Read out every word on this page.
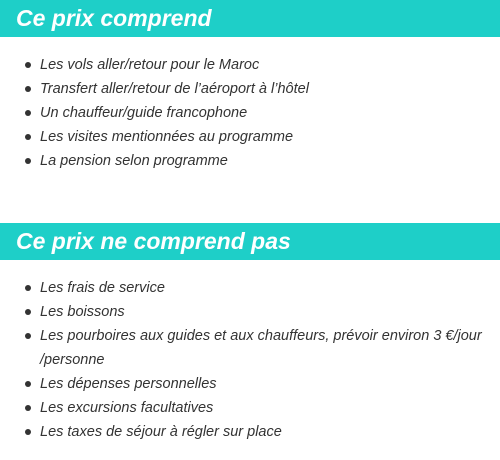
Ce prix comprend
Les vols aller/retour pour le Maroc
Transfert aller/retour de l’aéroport à l’hôtel
Un chauffeur/guide francophone
Les visites mentionnées au programme
La pension selon programme
Ce prix ne comprend pas
Les frais de service
Les boissons
Les pourboires aux guides et aux chauffeurs, prévoir environ 3 €/jour /personne
Les dépenses personnelles
Les excursions facultatives
Les taxes de séjour à régler sur place
